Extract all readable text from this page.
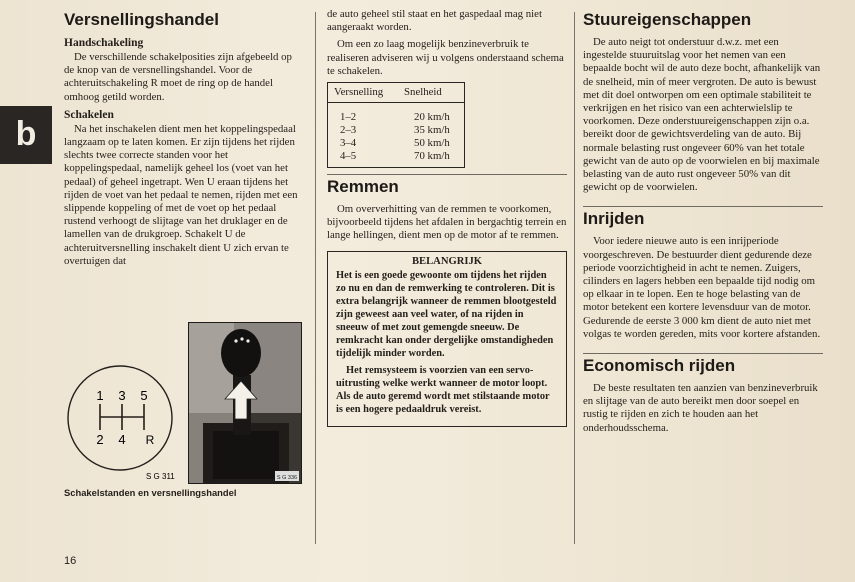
b
Versnellingshandel
Handschakeling

De verschillende schakelposities zijn afgebeeld op de knop van de versnellingshandel. Voor de achteruitschakeling R moet de ring op de handel omhoog getild worden.

Schakelen

Na het inschakelen dient men het koppelingspedaal langzaam op te laten komen. Er zijn tijdens het rijden slechts twee correcte standen voor het koppelingspedaal, namelijk geheel los (voet van het pedaal) of geheel ingetrapt. Wen U eraan tijdens het rijden de voet van het pedaal te nemen, rijden met een slippende koppeling of met de voet op het pedaal rustend verhoogt de slijtage van het druklager en de lamellen van de drukgroep. Schakelt U de achteruitversnelling inschakelt dient U zich ervan te overtuigen dat

1 3 5
2 4 R
S G 311	S G 336
Schakelstanden en versnellingshandel

de auto geheel stil staat en het gaspedaal mag niet aangeraakt worden.

Om een zo laag mogelijk benzineverbruik te realiseren adviseren wij u volgens onderstaand schema te schakelen.

Versnelling	Snelheid
1–2	20 km/h
2–3	35 km/h
3–4	50 km/h
4–5	70 km/h
Remmen

Om oververhitting van de remmen te voorkomen, bijvoorbeeld tijdens het afdalen in bergachtig terrein en lange hellingen, dient men op de motor af te remmen.

BELANGRIJK

Het is een goede gewoonte om tijdens het rijden zo nu en dan de remwerking te controleren. Dit is extra belangrijk wanneer de remmen blootgesteld zijn geweest aan veel water, of na rijden in sneeuw of met zout gemengde sneeuw. De remkracht kan onder dergelijke omstandigheden tijdelijk minder worden.

Het remsysteem is voorzien van een servo-uitrusting welke werkt wanneer de motor loopt. Als de auto geremd wordt met stilstaande motor is een hogere pedaaldruk vereist.

Stuureigenschappen

De auto neigt tot onderstuur d.w.z. met een ingestelde stuuruitslag voor het nemen van een bepaalde bocht wil de auto deze bocht, afhankelijk van de snelheid, min of meer vergroten. De auto is bewust met dit doel ontworpen om een optimale stabiliteit te verkrijgen en het risico van een achterwielslip te voorkomen. Deze onderstuureigenschappen zijn o.a. bereikt door de gewichtsverdeling van de auto. Bij normale belasting rust ongeveer 60% van het totale gewicht van de auto op de voorwielen en bij maximale belasting van de auto rust ongeveer 50% van dit gewicht op de voorwielen.

Inrijden

Voor iedere nieuwe auto is een inrijperiode voorgeschreven. De bestuurder dient gedurende deze periode voorzichtigheid in acht te nemen. Zuigers, cilinders en lagers hebben een bepaalde tijd nodig om op elkaar in te lopen. Een te hoge belasting van de motor betekent een kortere levensduur van de motor. Gedurende de eerste 3 000 km dient de auto niet met volgas te worden gereden, mits voor kortere afstanden.

Economisch rijden

De beste resultaten ten aanzien van benzineverbruik en slijtage van de auto bereikt men door soepel en rustig te rijden en zich te houden aan het onderhoudsschema.

16
